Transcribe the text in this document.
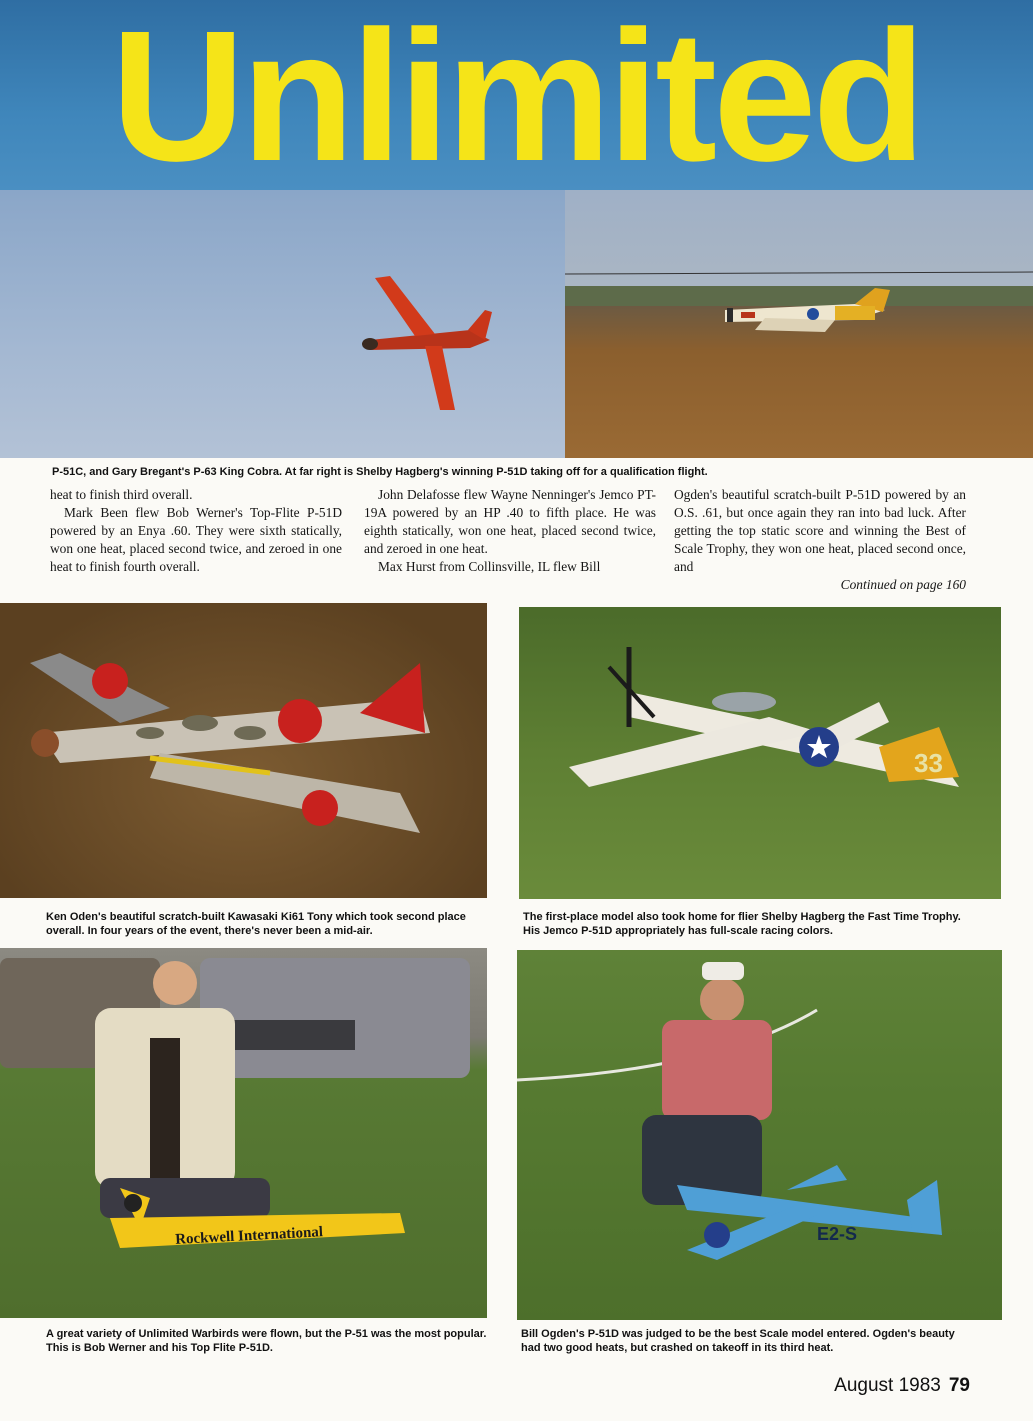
Unlimited

P-51C, and Gary Bregant's P-63 King Cobra. At far right is Shelby Hagberg's winning P-51D taking off for a qualification flight.

heat to finish third overall.

Mark Been flew Bob Werner's Top-Flite P-51D powered by an Enya .60. They were sixth statically, won one heat, placed second twice, and zeroed in one heat to finish fourth overall.

John Delafosse flew Wayne Nenninger's Jemco PT-19A powered by an HP .40 to fifth place. He was eighth statically, won one heat, placed second twice, and zeroed in one heat.

Max Hurst from Collinsville, IL flew Bill

Ogden's beautiful scratch-built P-51D powered by an O.S. .61, but once again they ran into bad luck. After getting the top static score and winning the Best of Scale Trophy, they won one heat, placed second once, and

Continued on page 160

Ken Oden's beautiful scratch-built Kawasaki Ki61 Tony which took second place overall. In four years of the event, there's never been a mid-air.

33

The first-place model also took home for flier Shelby Hagberg the Fast Time Trophy. His Jemco P-51D appropriately has full-scale racing colors.

Rockwell International

A great variety of Unlimited Warbirds were flown, but the P-51 was the most popular. This is Bob Werner and his Top Flite P-51D.

E2-S

Bill Ogden's P-51D was judged to be the best Scale model entered. Ogden's beauty had two good heats, but crashed on takeoff in its third heat.

August 1983 79
